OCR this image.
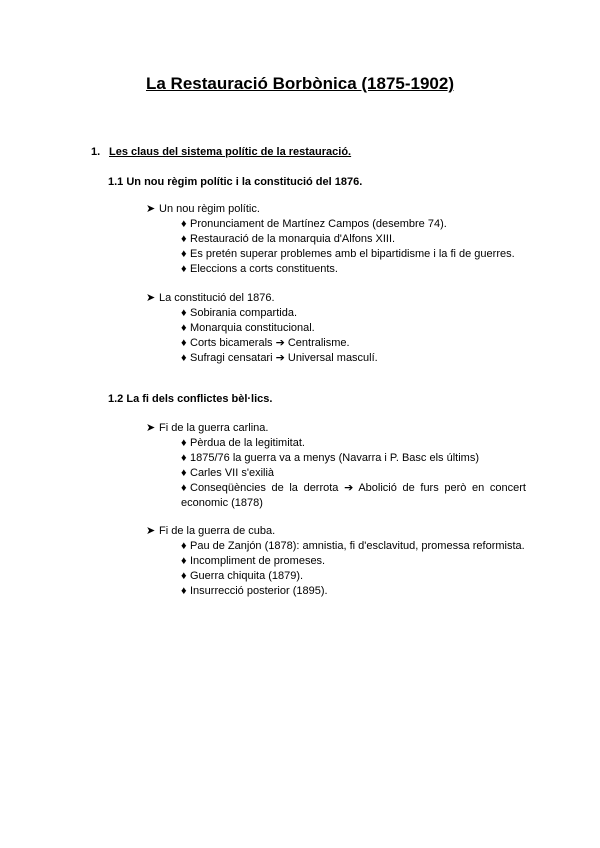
La Restauració Borbònica (1875-1902)
1. Les claus del sistema polític de la restauració.
1.1 Un nou règim polític i la constitució del 1876.
➤ Un nou règim polític.
♦ Pronunciament de Martínez Campos (desembre 74).
♦ Restauració de la monarquia d'Alfons XIII.
♦ Es pretén superar problemes amb el bipartidisme i la fi de guerres.
♦ Eleccions a corts constituents.
➤ La constitució del 1876.
♦ Sobirania compartida.
♦ Monarquia constitucional.
♦ Corts bicamerals ➔ Centralisme.
♦ Sufragi censatari ➔ Universal masculí.
1.2 La fi dels conflictes bèl·lics.
➤ Fi de la guerra carlina.
♦ Pèrdua de la legitimitat.
♦ 1875/76 la guerra va a menys (Navarra i P. Basc els últims)
♦ Carles VII s'exilià
♦ Conseqüències de la derrota ➔ Abolició de furs però en concert economic (1878)
➤ Fi de la guerra de cuba.
♦ Pau de Zanjón (1878): amnistia, fi d'esclavitud, promessa reformista.
♦ Incompliment de promeses.
♦ Guerra chiquita (1879).
♦ Insurrecció posterior (1895).
